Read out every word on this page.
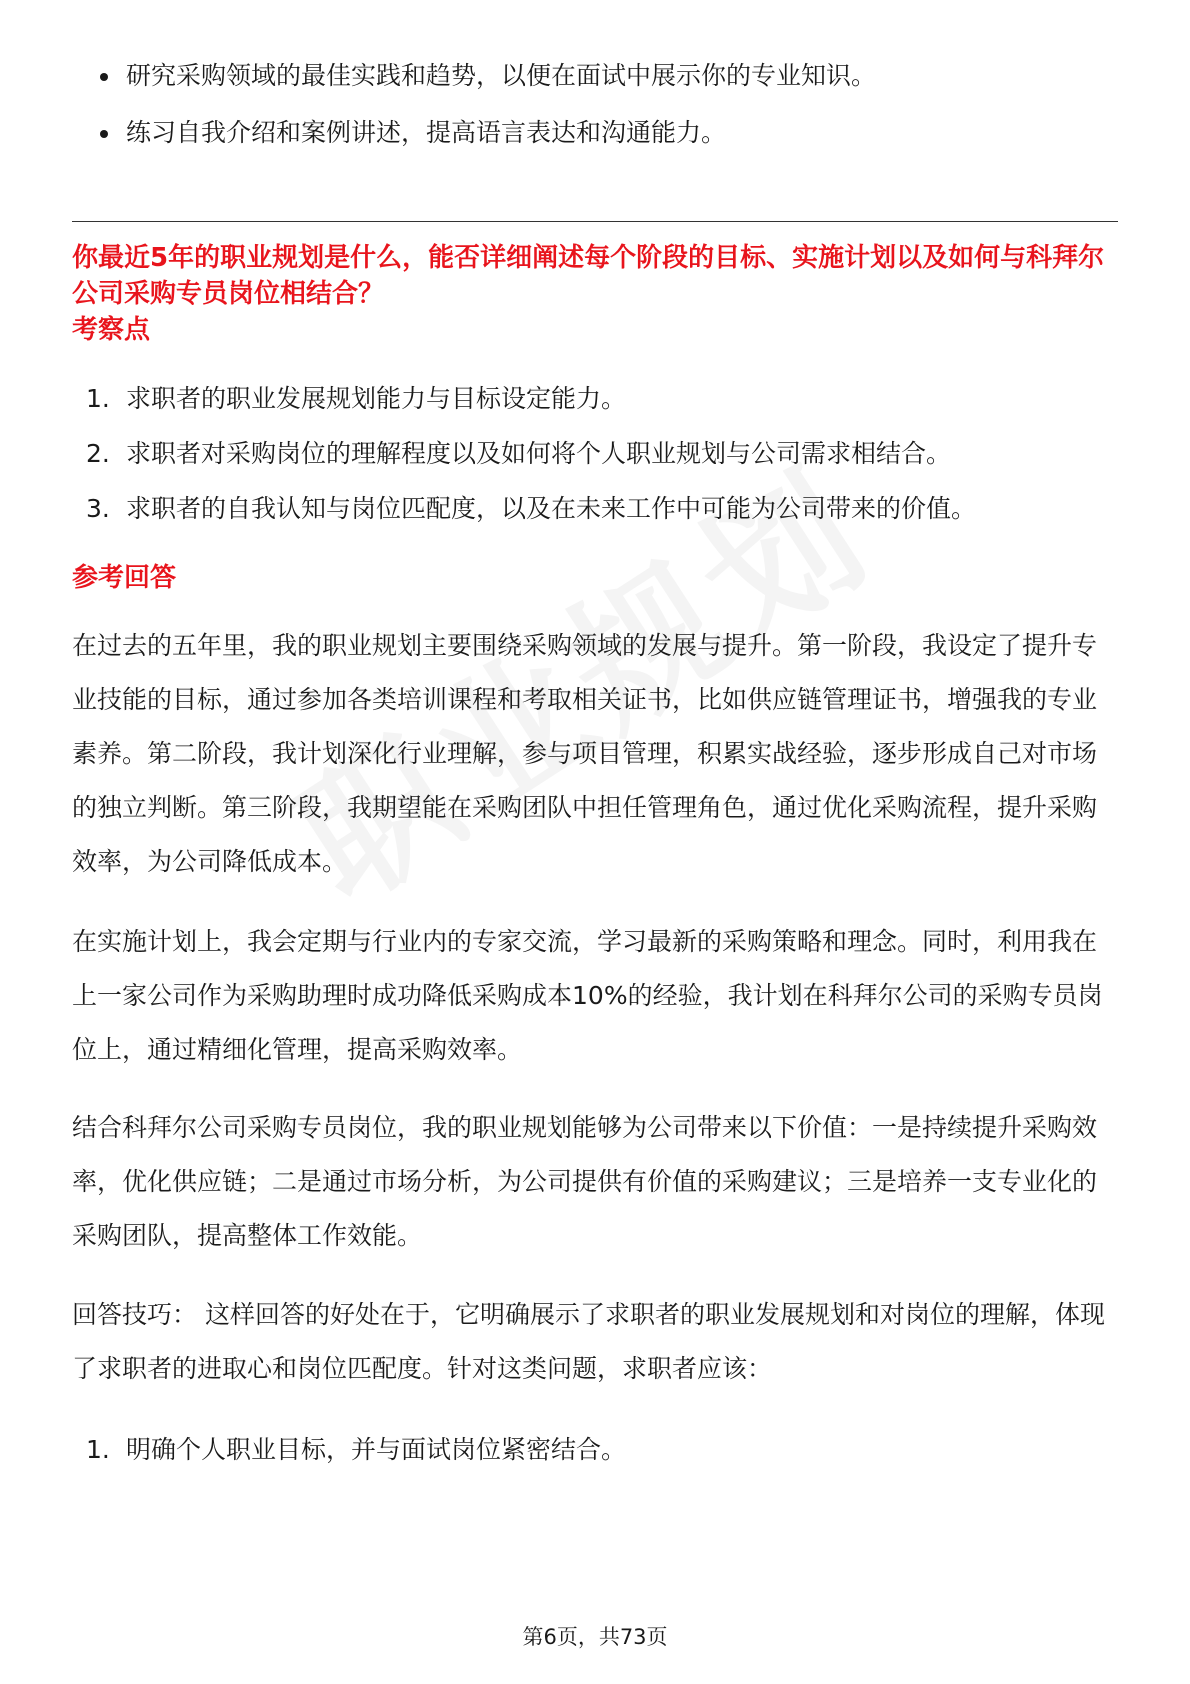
研究采购领域的最佳实践和趋势，以便在面试中展示你的专业知识。
练习自我介绍和案例讲述，提高语言表达和沟通能力。

你最近5年的职业规划是什么，能否详细阐述每个阶段的目标、实施计划以及如何与科拜尔公司采购专员岗位相结合？

考察点

1. 求职者的职业发展规划能力与目标设定能力。
2. 求职者对采购岗位的理解程度以及如何将个人职业规划与公司需求相结合。
3. 求职者的自我认知与岗位匹配度，以及在未来工作中可能为公司带来的价值。

参考回答

在过去的五年里，我的职业规划主要围绕采购领域的发展与提升。第一阶段，我设定了提升专业技能的目标，通过参加各类培训课程和考取相关证书，比如供应链管理证书，增强我的专业素养。第二阶段，我计划深化行业理解，参与项目管理，积累实战经验，逐步形成自己对市场的独立判断。第三阶段，我期望能在采购团队中担任管理角色，通过优化采购流程，提升采购效率，为公司降低成本。

在实施计划上，我会定期与行业内的专家交流，学习最新的采购策略和理念。同时，利用我在上一家公司作为采购助理时成功降低采购成本10%的经验，我计划在科拜尔公司的采购专员岗位上，通过精细化管理，提高采购效率。

结合科拜尔公司采购专员岗位，我的职业规划能够为公司带来以下价值：一是持续提升采购效率，优化供应链；二是通过市场分析，为公司提供有价值的采购建议；三是培养一支专业化的采购团队，提高整体工作效能。

回答技巧： 这样回答的好处在于，它明确展示了求职者的职业发展规划和对岗位的理解，体现了求职者的进取心和岗位匹配度。针对这类问题，求职者应该：

1. 明确个人职业目标，并与面试岗位紧密结合。
第6页，共73页
